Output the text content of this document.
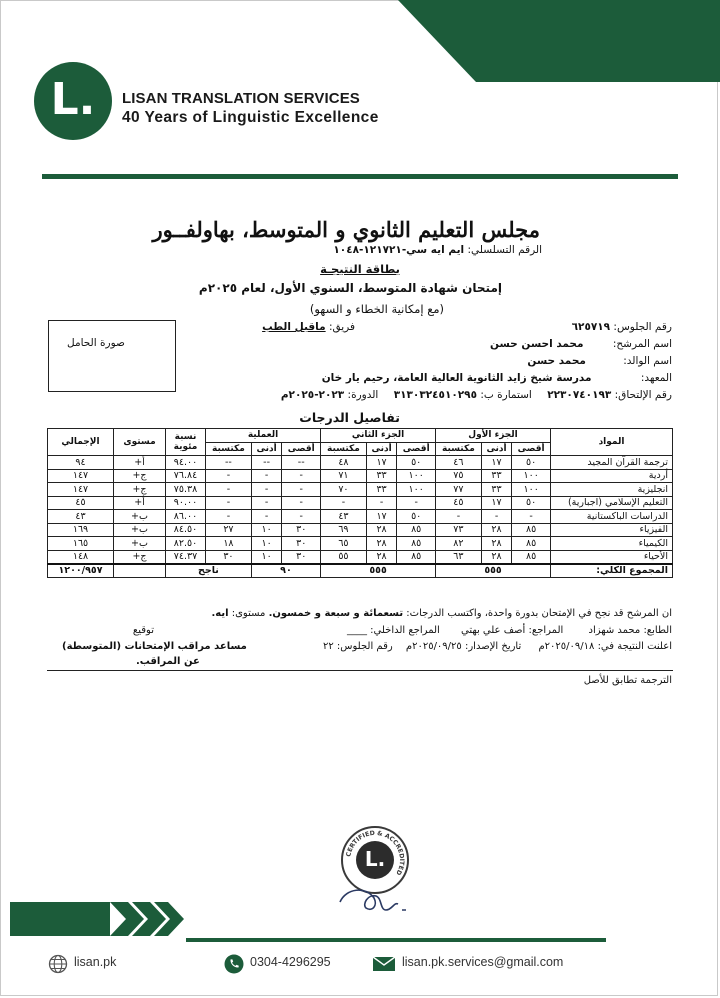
L.	LISAN TRANSLATION SERVICES
40 Years of Linguistic Excellence
مجلس التعليم الثانوي و المتوسط، بهاولفــور
الرقم التسلسلي: ايم ايه سي-١٢١٧٢١-١٠٤٨
بطاقة النتيجـة
إمتحان شهادة المتوسط، السنوي الأول، لعام ٢٠٢٥م
(مع إمكانية الخطاء و السهو)
صورة الحامل
رقم الجلوس: ٦٢٥٧١٩
فريق: ماقبل الطب
اسم المرشح: محمد احسن حسن
اسم الوالد: محمد حسن
المعهد: مدرسة شيخ زايد الثانوية العالية العامة، رحيم يار خان
رقم الإلتحاق: ٢٢٣٠٧٤٠١٩٣ استمارة ب: ٣١٣٠٣٢٤٥١٠٢٩٥ الدورة: ٢٠٢٣-٢٠٢٥م
تفاصيل الدرجات
المواد	الجزء الأول			الجزء الثاني			العملية			نسبة مئوية	مستوى	الإجمالي
	أقصى	أدنى	مكتسبة	أقصى	أدنى	مكتسبة	أقصى	أدنى	مكتسبة			
ترجمة القرآن المجيد	٥٠	١٧	٤٦	٥٠	١٧	٤٨	--	--	--	٩٤.٠٠	أ+	٩٤
أردية	١٠٠	٣٣	٧٥	١٠٠	٣٣	٧١	-	-	-	٧٦.٨٤	ج+	١٤٧
انجليزية	١٠٠	٣٣	٧٧	١٠٠	٣٣	٧٠	-	-	-	٧٥.٣٨	ج+	١٤٧
التعليم الإسلامي (اجبارية)	٥٠	١٧	٤٥	-	-	-	-	-	-	٩٠.٠٠	أ+	٤٥
الدراسات الباكستانية	-	-	-	٥٠	١٧	٤٣	-	-	-	٨٦.٠٠	ب+	٤٣
الفيزياء	٨٥	٢٨	٧٣	٨٥	٢٨	٦٩	٣٠	١٠	٢٧	٨٤.٥٠	ب+	١٦٩
الكيمياء	٨٥	٢٨	٨٢	٨٥	٢٨	٦٥	٣٠	١٠	١٨	٨٢.٥٠	ب+	١٦٥
الأحياء	٨٥	٢٨	٦٣	٨٥	٢٨	٥٥	٣٠	١٠	٣٠	٧٤.٣٧	ج+	١٤٨
المجموع الكلي:	٥٥٥			٥٥٥			٩٠		ناجح			١٢٠٠/٩٥٧
ان المرشح قد نجح في الإمتحان بدورة واحدة، واكتسب الدرجات: تسعمائة و سبعة و خمسون. مستوى: ايه.
الطابع: محمد شهزاد المراجع: أصف علي بهتي المراجع الداخلي: ____
توقيع
اعلنت النتيجة في: ٢٠٢٥/٠٩/١٨م تاريخ الإصدار: ٢٠٢٥/٠٩/٢٥م رقم الجلوس: ٢٢
مساعد مراقب الإمتحانات (المتوسطة)
عن المراقب.
الترجمة تطابق للأصل
CERTIFIED & ACCREDITED
L.
lisan.pk	0304-4296295	lisan.pk.services@gmail.com
